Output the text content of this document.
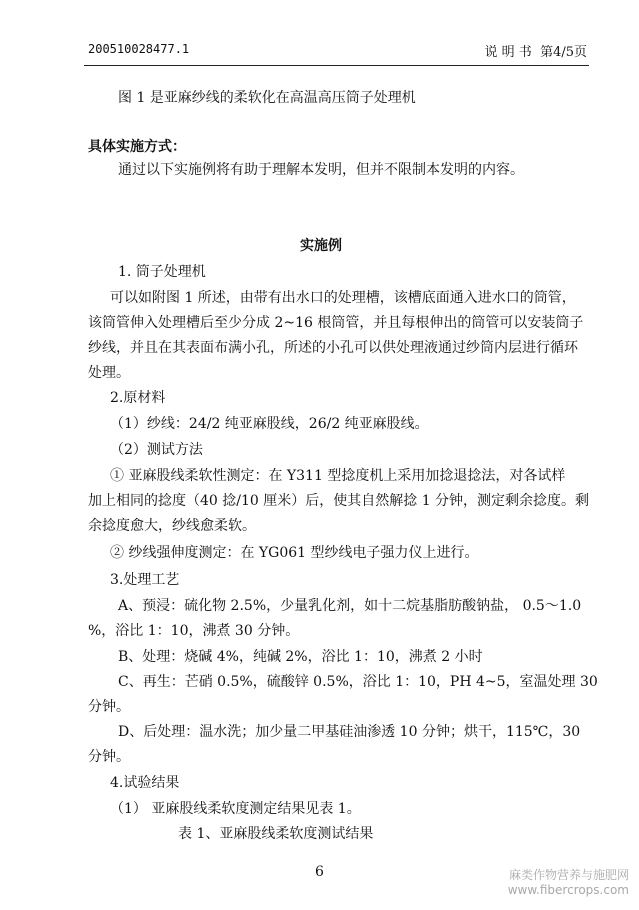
200510028477.1	说 明 书 第4/5页
图 1 是亚麻纱线的柔软化在高温高压筒子处理机
具体实施方式：
通过以下实施例将有助于理解本发明，但并不限制本发明的内容。
实施例
1. 筒子处理机
可以如附图 1 所述，由带有出水口的处理槽，该槽底面通入进水口的筒管，
该筒管伸入处理槽后至少分成 2~16 根筒管，并且每根伸出的筒管可以安装筒子
纱线，并且在其表面布满小孔，所述的小孔可以供处理液通过纱筒内层进行循环
处理。
2.原材料
（1）纱线：24/2 纯亚麻股线，26/2 纯亚麻股线。
（2）测试方法
① 亚麻股线柔软性测定：在 Y311 型捻度机上采用加捻退捻法，对各试样
加上相同的捻度（40 捻/10 厘米）后，使其自然解捻 1 分钟，测定剩余捻度。剩
余捻度愈大，纱线愈柔软。
② 纱线强伸度测定：在 YG061 型纱线电子强力仪上进行。
3.处理工艺
A、预浸：硫化物 2.5%，少量乳化剂，如十二烷基脂肪酸钠盐， 0.5～1.0
%，浴比 1：10，沸煮 30 分钟。
B、处理：烧碱 4%，纯碱 2%，浴比 1：10，沸煮 2 小时
C、再生：芒硝 0.5%，硫酸锌 0.5%，浴比 1：10，PH 4~5，室温处理 30
分钟。
D、后处理：温水洗；加少量二甲基硅油渗透 10 分钟；烘干，115℃，30
分钟。
4.试验结果
（1） 亚麻股线柔软度测定结果见表 1。
表 1、亚麻股线柔软度测试结果
6	麻类作物营养与施肥网
www.fibercrops.com
